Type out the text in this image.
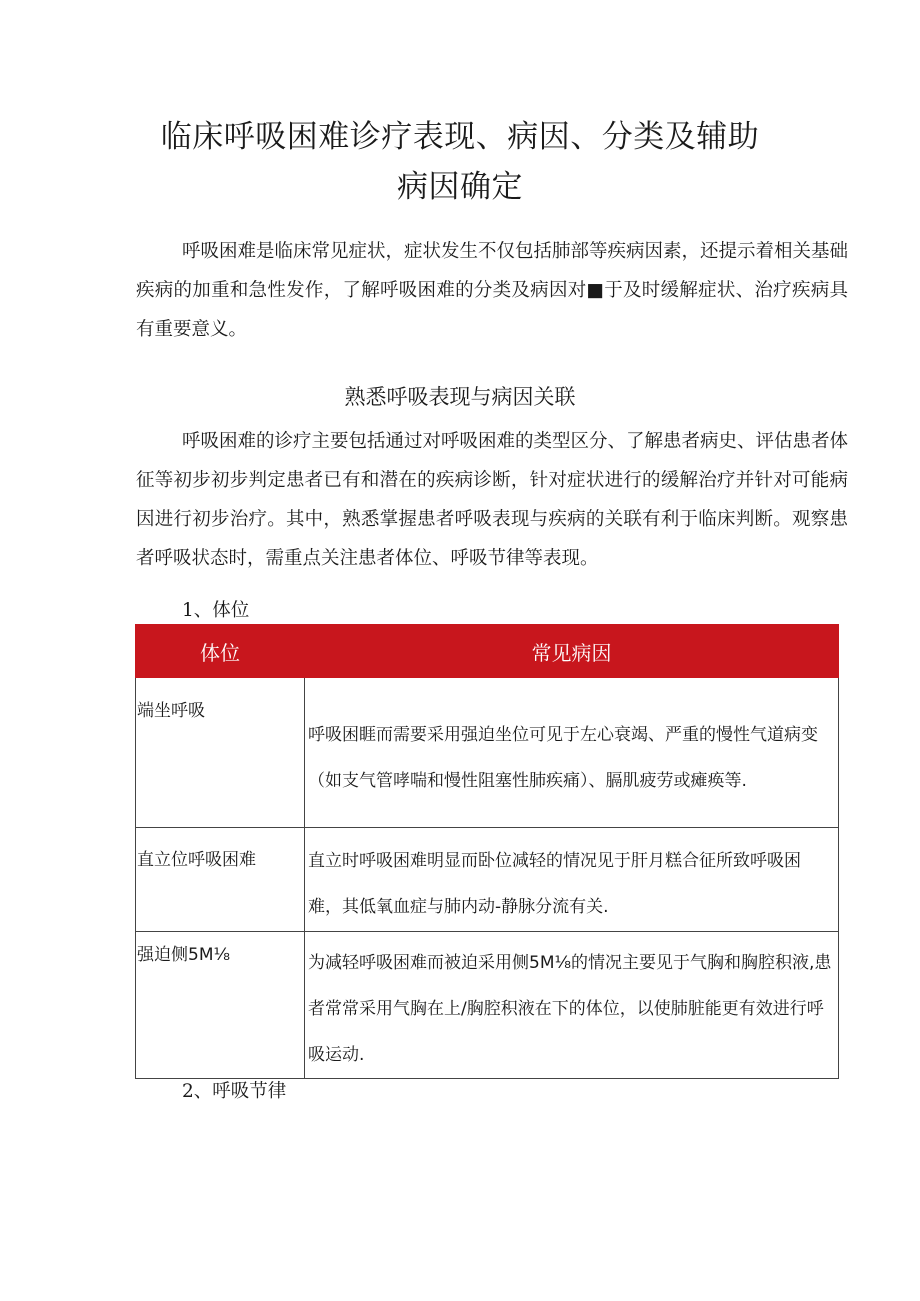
临床呼吸困难诊疗表现、病因、分类及辅助
病因确定

呼吸困难是临床常见症状，症状发生不仅包括肺部等疾病因素，还提示着相关基础疾病的加重和急性发作，了解呼吸困难的分类及病因对■于及时缓解症状、治疗疾病具有重要意义。

熟悉呼吸表现与病因关联

呼吸困难的诊疗主要包括通过对呼吸困难的类型区分、了解患者病史、评估患者体征等初步初步判定患者已有和潜在的疾病诊断，针对症状进行的缓解治疗并针对可能病因进行初步治疗。其中，熟悉掌握患者呼吸表现与疾病的关联有利于临床判断。观察患者呼吸状态时，需重点关注患者体位、呼吸节律等表现。

1、体位
体位	常见病因

端坐呼吸	呼吸困睚而需要采用强迫坐位可见于左心衰竭、严重的慢性气道病变（如支气管哮喘和慢性阻塞性肺疾痛）、膈肌疲劳或瘫痪等.

直立位呼吸困难	直立时呼吸困难明显而卧位减轻的情况见于肝月糕合征所致呼吸困难，其低氧血症与肺内动-静脉分流有关.

强迫侧5M⅛	为减轻呼吸困难而被迫采用侧5M⅛的情况主要见于气胸和胸腔积液,患者常常采用气胸在上/胸腔积液在下的体位，以使肺脏能更有效进行呼吸运动.
2、呼吸节律
